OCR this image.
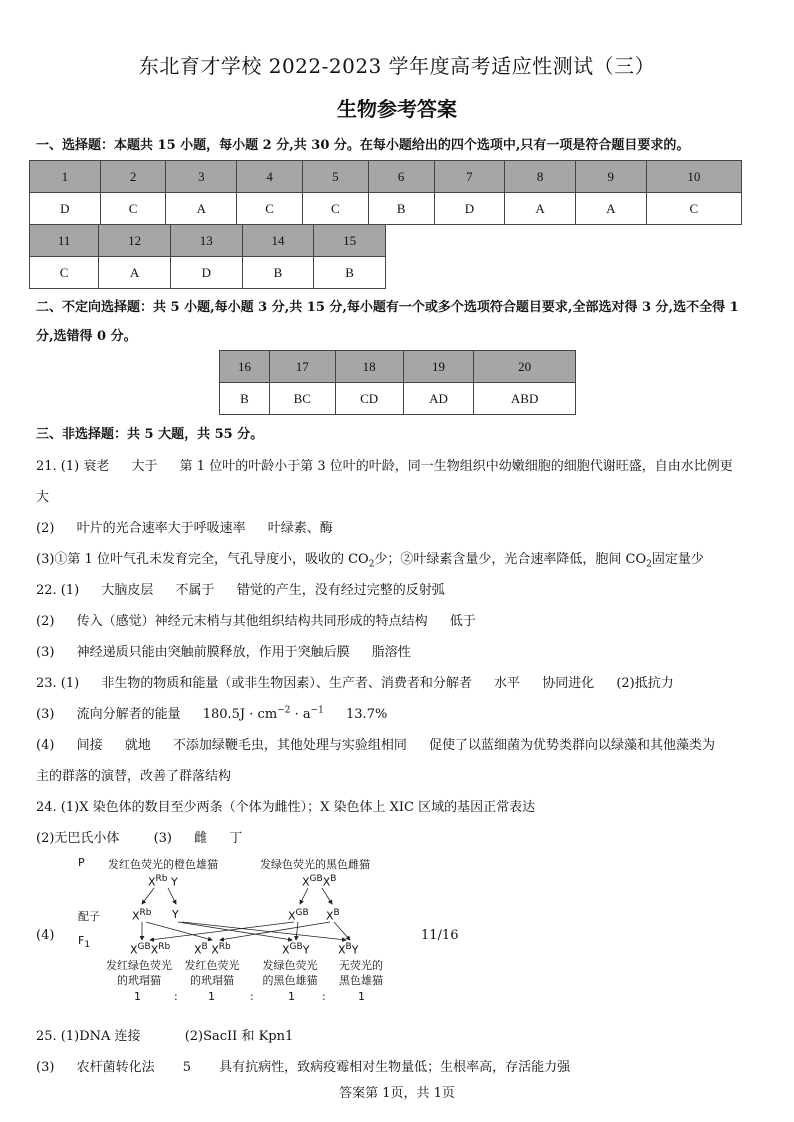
东北育才学校 2022-2023 学年度高考适应性测试（三）
生物参考答案
一、选择题：本题共 15 小题，每小题 2 分,共 30 分。在每小题给出的四个选项中,只有一项是符合题目要求的。
1	2	3	4	5	6	7	8	9	10
D	C	A	C	C	B	D	A	A	C
11	12	13	14	15
C	A	D	B	B
二、不定向选择题：共 5 小题,每小题 3 分,共 15 分,每小题有一个或多个选项符合题目要求,全部选对得 3 分,选不全得 1
分,选错得 0 分。
16	17	18	19	20
B	BC	CD	AD	ABD
三、非选择题：共 5 大题，共 55 分。
21. (1) 衰老 大于 第 1 位叶的叶龄小于第 3 位叶的叶龄，同一生物组织中幼嫩细胞的细胞代谢旺盛，自由水比例更
大
(2) 叶片的光合速率大于呼吸速率 叶绿素、酶
(3)①第 1 位叶气孔未发育完全，气孔导度小，吸收的 $CO_2$少；②叶绿素含量少，光合速率降低，胞间 $CO_2$固定量少
22. (1) 大脑皮层 不属于 错觉的产生，没有经过完整的反射弧
(2) 传入（感觉）神经元末梢与其他组织结构共同形成的特点结构 低于
(3) 神经递质只能由突触前膜释放，作用于突触后膜 脂溶性
23. (1) 非生物的物质和能量（或非生物因素）、生产者、消费者和分解者 水平 协同进化 (2)抵抗力
(3) 流向分解者的能量 $180.5J \cdot cm^{-2} \cdot a^{-1}$ 13.7%
(4) 间接 就地 不添加绿鞭毛虫，其他处理与实验组相同 促使了以蓝细菌为优势类群向以绿藻和其他藻类为
主的群落的演替，改善了群落结构
24. (1)X 染色体的数目至少两条（个体为雌性）；X 染色体上 XIC 区域的基因正常表达
(2)无巴氏小体	(3) 雌 丁
(4)	11/16
P 发红色荧光的橙色雄猫	发绿色荧光的黑色雌猫
$X^{Rb}$ Y	$X^{GB}X^B$
配子	$X^{Rb}$ Y	$X^{GB}$ $X^B$
$F_1$	$X^{GB}X^{Rb}$ $X^B$ $X^{Rb}$	$X^{GB}Y$	$X^BY$
发红绿色荧光
的玳瑁猫
发红色荧光
的玳瑁猫
发绿色荧光
的黑色雄猫
无荧光的
黑色雄猫
1	:	1	:	1 :	1
25. (1)DNA 连接	(2)SacII 和 Kpn1
(3) 农杆菌转化法 5 具有抗病性，致病疫霉相对生物量低；生根率高，存活能力强
答案第 1页，共 1页
